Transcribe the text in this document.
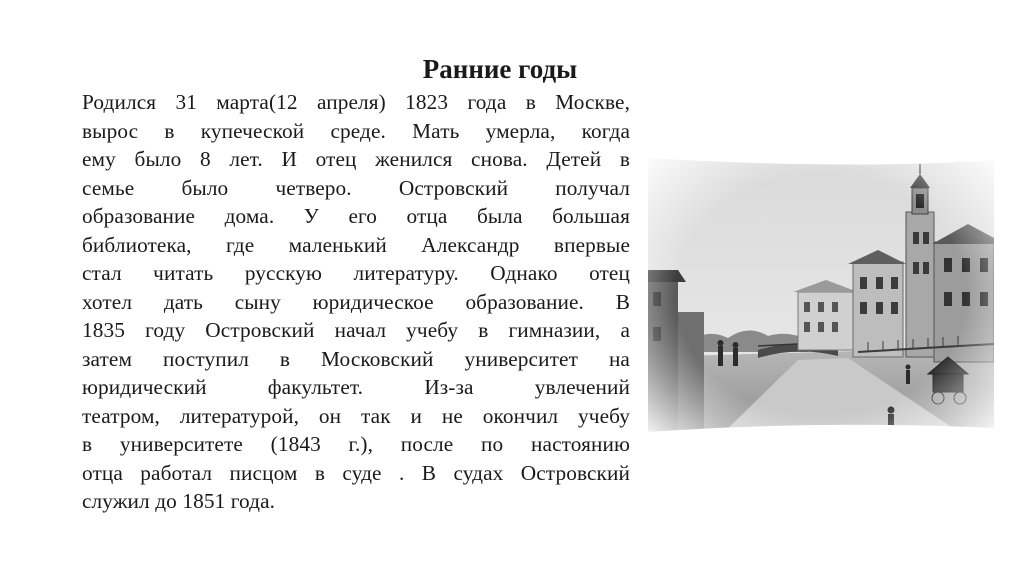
Ранние годы
Родился 31 марта(12 апреля) 1823 года в Москве,
вырос в купеческой среде. Мать умерла, когда
ему было 8 лет. И отец женился снова. Детей в
семье было четверо. Островский получал
образование дома. У его отца была большая
библиотека, где маленький Александр впервые
стал читать русскую литературу. Однако отец
хотел дать сыну юридическое образование. В
1835 году Островский начал учебу в гимназии, а
затем поступил в Московский университет на
юридический факультет. Из-за увлечений
театром, литературой, он так и не окончил учебу
в университете (1843 г.), после по настоянию
отца работал писцом в суде . В судах Островский
служил до 1851 года.
